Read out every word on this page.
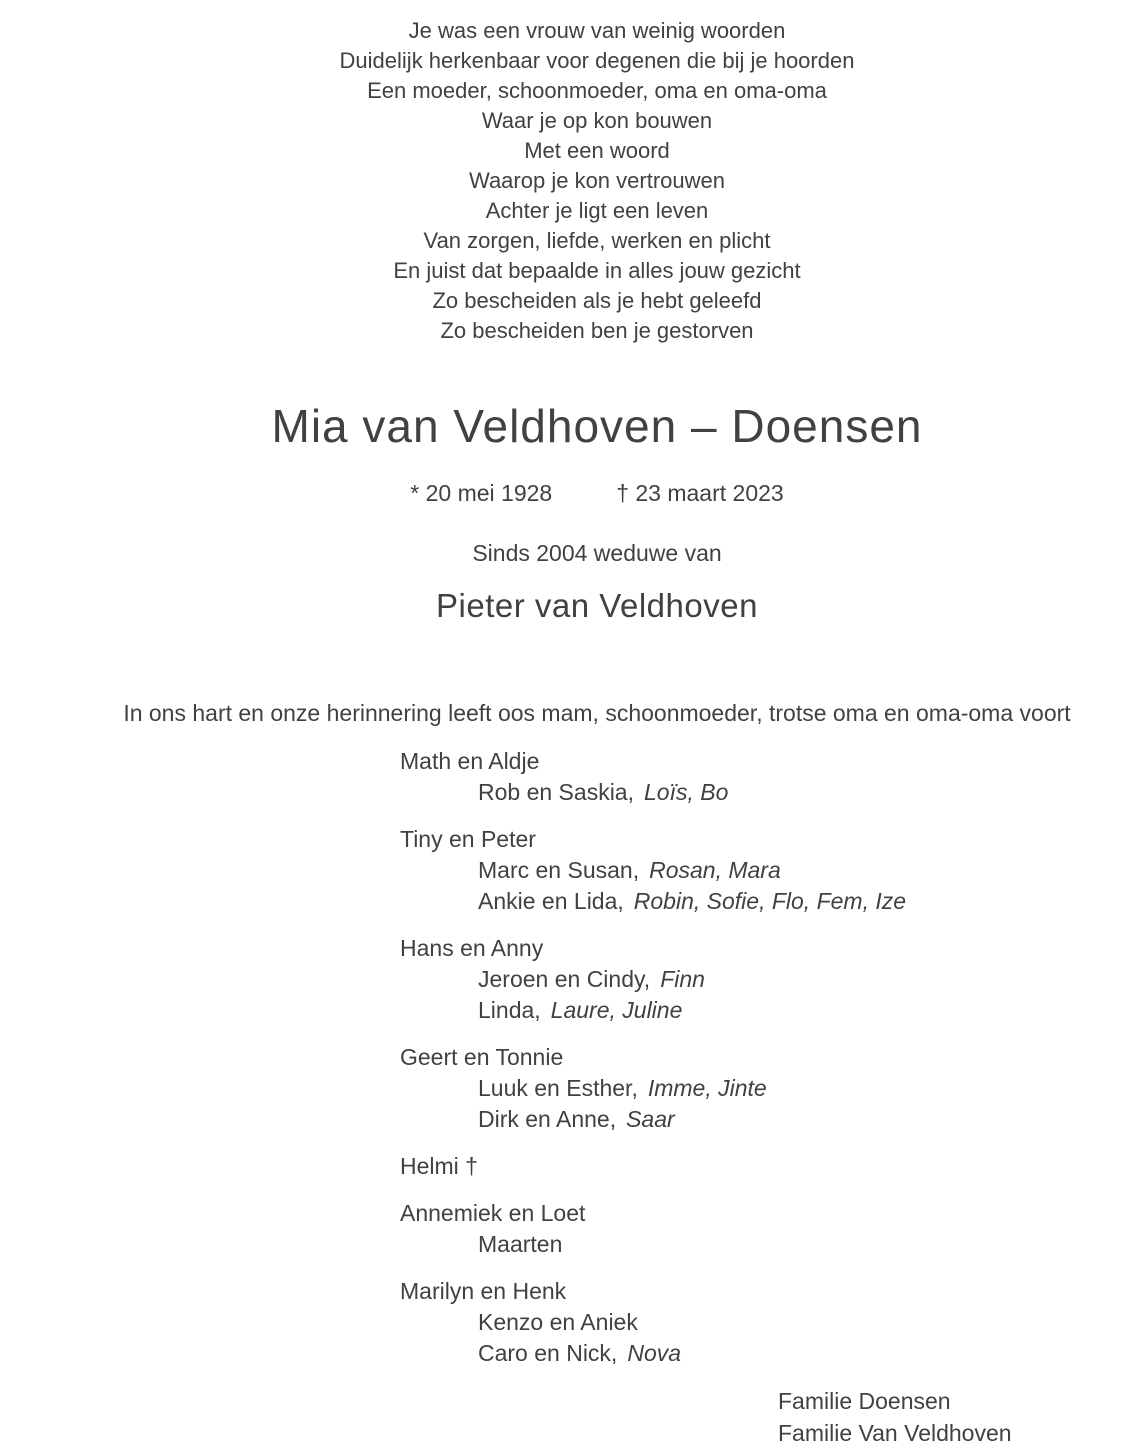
Je was een vrouw van weinig woorden
Duidelijk herkenbaar voor degenen die bij je hoorden
Een moeder, schoonmoeder, oma en oma-oma
Waar je op kon bouwen
Met een woord
Waarop je kon vertrouwen
Achter je ligt een leven
Van zorgen, liefde, werken en plicht
En juist dat bepaalde in alles jouw gezicht
Zo bescheiden als je hebt geleefd
Zo bescheiden ben je gestorven
Mia van Veldhoven – Doensen
* 20 mei 1928	† 23 maart 2023
Sinds 2004 weduwe van
Pieter van Veldhoven
In ons hart en onze herinnering leeft oos mam, schoonmoeder, trotse oma en oma-oma voort
Math en Aldje
Rob en Saskia, Loïs, Bo
Tiny en Peter
Marc en Susan, Rosan, Mara
Ankie en Lida, Robin, Sofie, Flo, Fem, Ize
Hans en Anny
Jeroen en Cindy, Finn
Linda, Laure, Juline
Geert en Tonnie
Luuk en Esther, Imme, Jinte
Dirk en Anne, Saar
Helmi †
Annemiek en Loet
Maarten
Marilyn en Henk
Kenzo en Aniek
Caro en Nick, Nova
Familie Doensen
Familie Van Veldhoven
